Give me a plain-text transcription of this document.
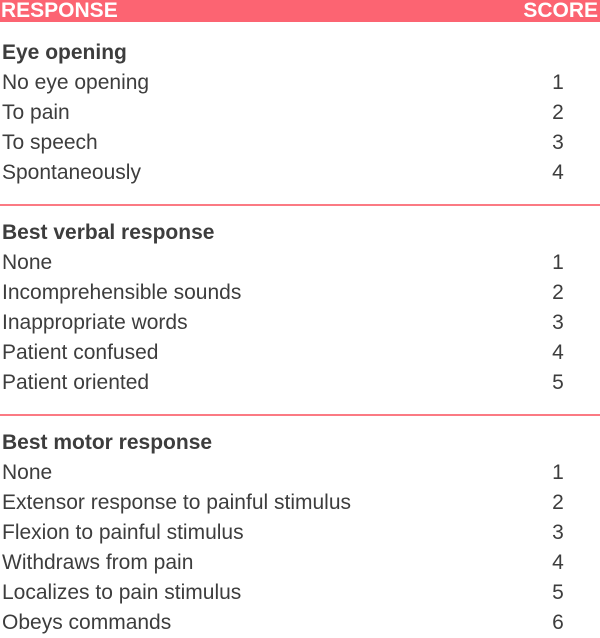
RESPONSE	SCORE
Eye opening
No eye opening	1
To pain	2
To speech	3
Spontaneously	4
Best verbal response
None	1
Incomprehensible sounds	2
Inappropriate words	3
Patient confused	4
Patient oriented	5
Best motor response
None	1
Extensor response to painful stimulus	2
Flexion to painful stimulus	3
Withdraws from pain	4
Localizes to pain stimulus	5
Obeys commands	6
